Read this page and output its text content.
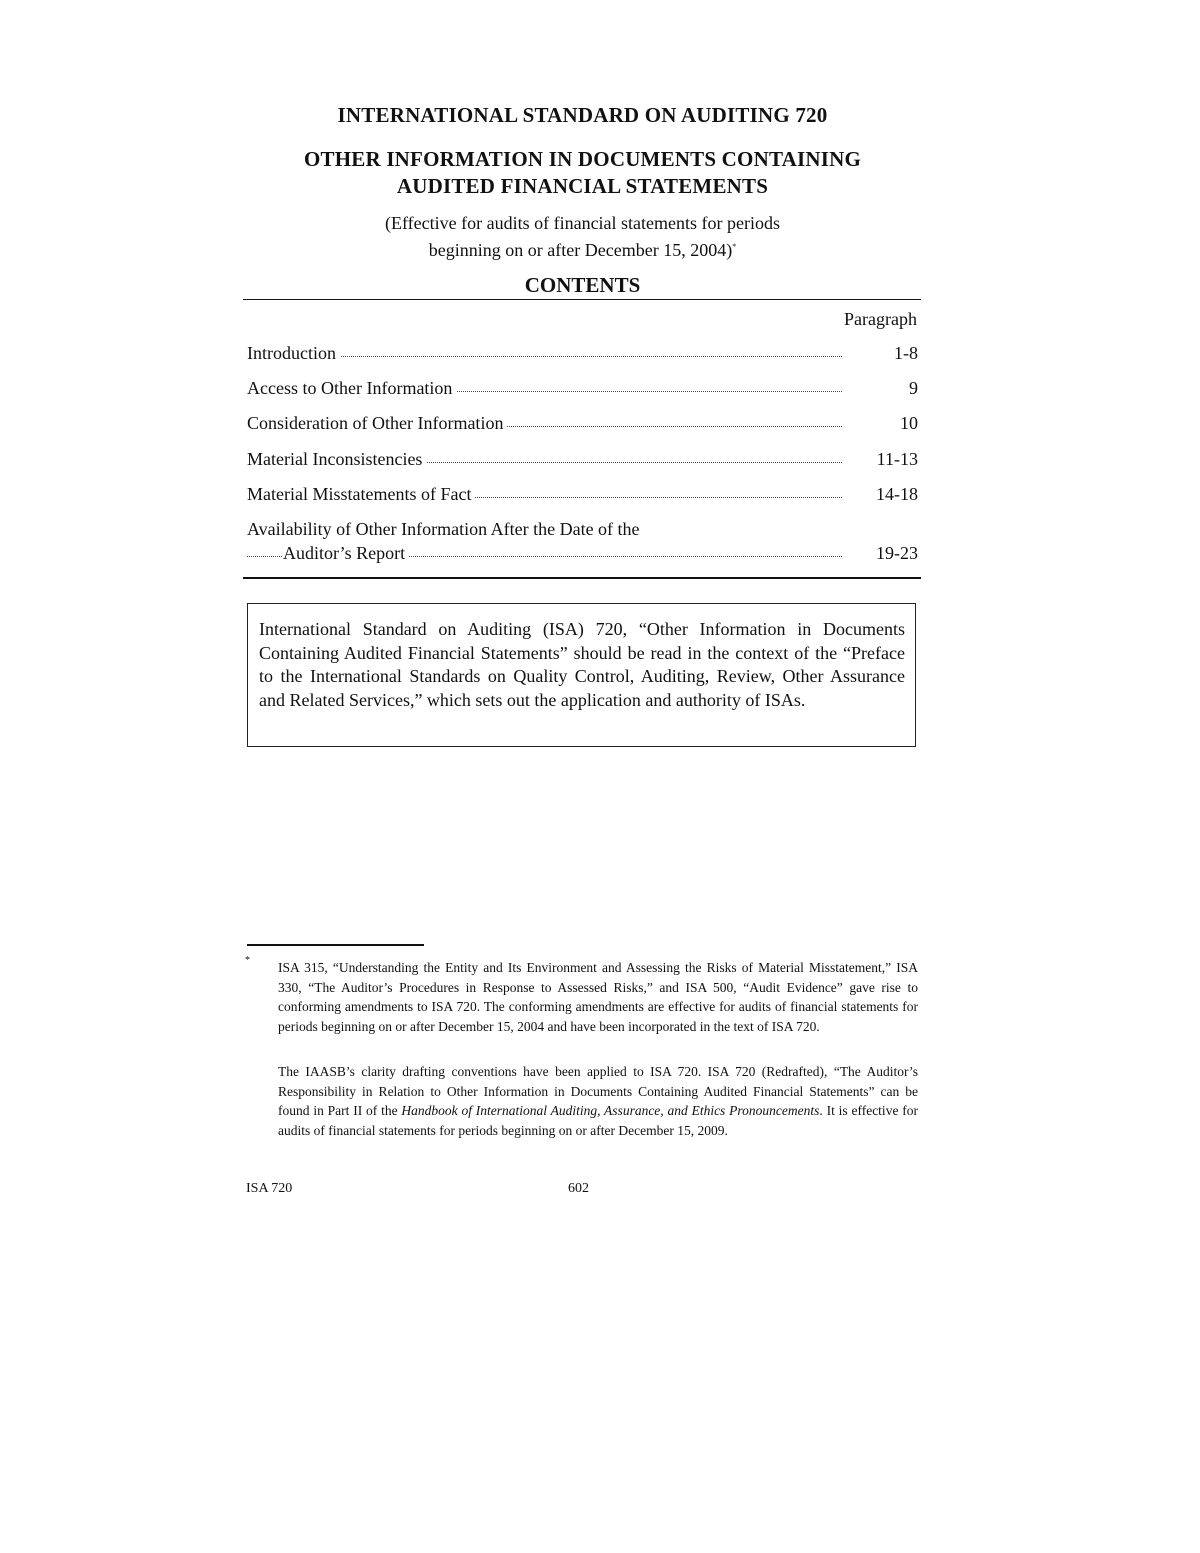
INTERNATIONAL STANDARD ON AUDITING 720
OTHER INFORMATION IN DOCUMENTS CONTAINING
AUDITED FINANCIAL STATEMENTS
(Effective for audits of financial statements for periods
beginning on or after December 15, 2004)*
CONTENTS
Paragraph
Introduction	1-8
Access to Other Information	9
Consideration of Other Information	10
Material Inconsistencies	11-13
Material Misstatements of Fact	14-18
Availability of Other Information After the Date of the
Auditor’s Report	19-23
International Standard on Auditing (ISA) 720, “Other Information in Documents Containing Audited Financial Statements” should be read in the context of the “Preface to the International Standards on Quality Control, Auditing, Review, Other Assurance and Related Services,” which sets out the application and authority of ISAs.
* ISA 315, “Understanding the Entity and Its Environment and Assessing the Risks of Material Misstatement,” ISA 330, “The Auditor’s Procedures in Response to Assessed Risks,” and ISA 500, “Audit Evidence” gave rise to conforming amendments to ISA 720. The conforming amendments are effective for audits of financial statements for periods beginning on or after December 15, 2004 and have been incorporated in the text of ISA 720.
The IAASB’s clarity drafting conventions have been applied to ISA 720. ISA 720 (Redrafted), “The Auditor’s Responsibility in Relation to Other Information in Documents Containing Audited Financial Statements” can be found in Part II of the Handbook of International Auditing, Assurance, and Ethics Pronouncements. It is effective for audits of financial statements for periods beginning on or after December 15, 2009.
ISA 720	602
